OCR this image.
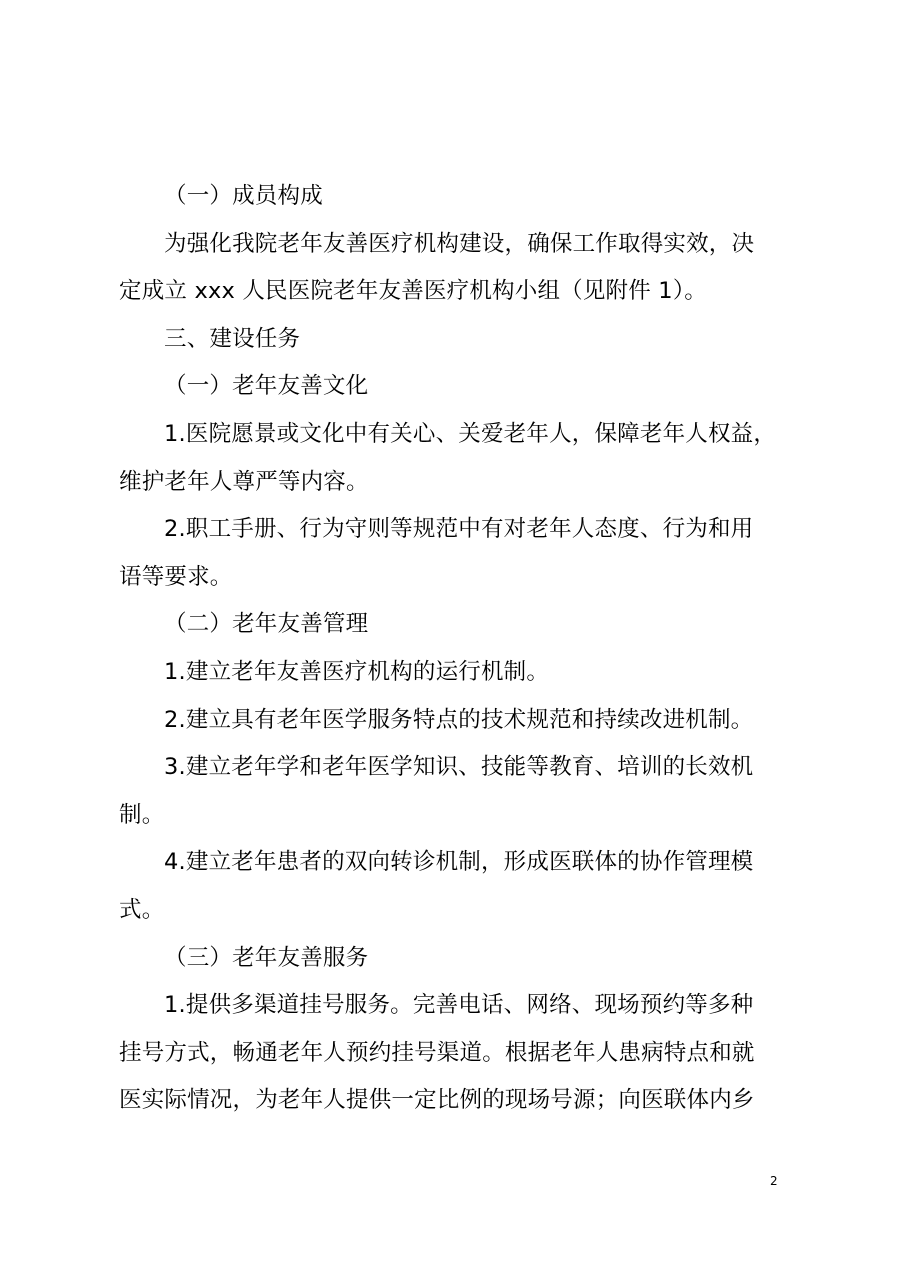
（一）成员构成
为强化我院老年友善医疗机构建设，确保工作取得实效，决
定成立 xxx 人民医院老年友善医疗机构小组（见附件 1）。
三、建设任务
（一）老年友善文化
1.医院愿景或文化中有关心、关爱老年人，保障老年人权益，
维护老年人尊严等内容。
2.职工手册、行为守则等规范中有对老年人态度、行为和用
语等要求。
（二）老年友善管理
1.建立老年友善医疗机构的运行机制。
2.建立具有老年医学服务特点的技术规范和持续改进机制。
3.建立老年学和老年医学知识、技能等教育、培训的长效机
制。
4.建立老年患者的双向转诊机制，形成医联体的协作管理模
式。
（三）老年友善服务
1.提供多渠道挂号服务。完善电话、网络、现场预约等多种
挂号方式，畅通老年人预约挂号渠道。根据老年人患病特点和就
医实际情况，为老年人提供一定比例的现场号源；向医联体内乡
2
